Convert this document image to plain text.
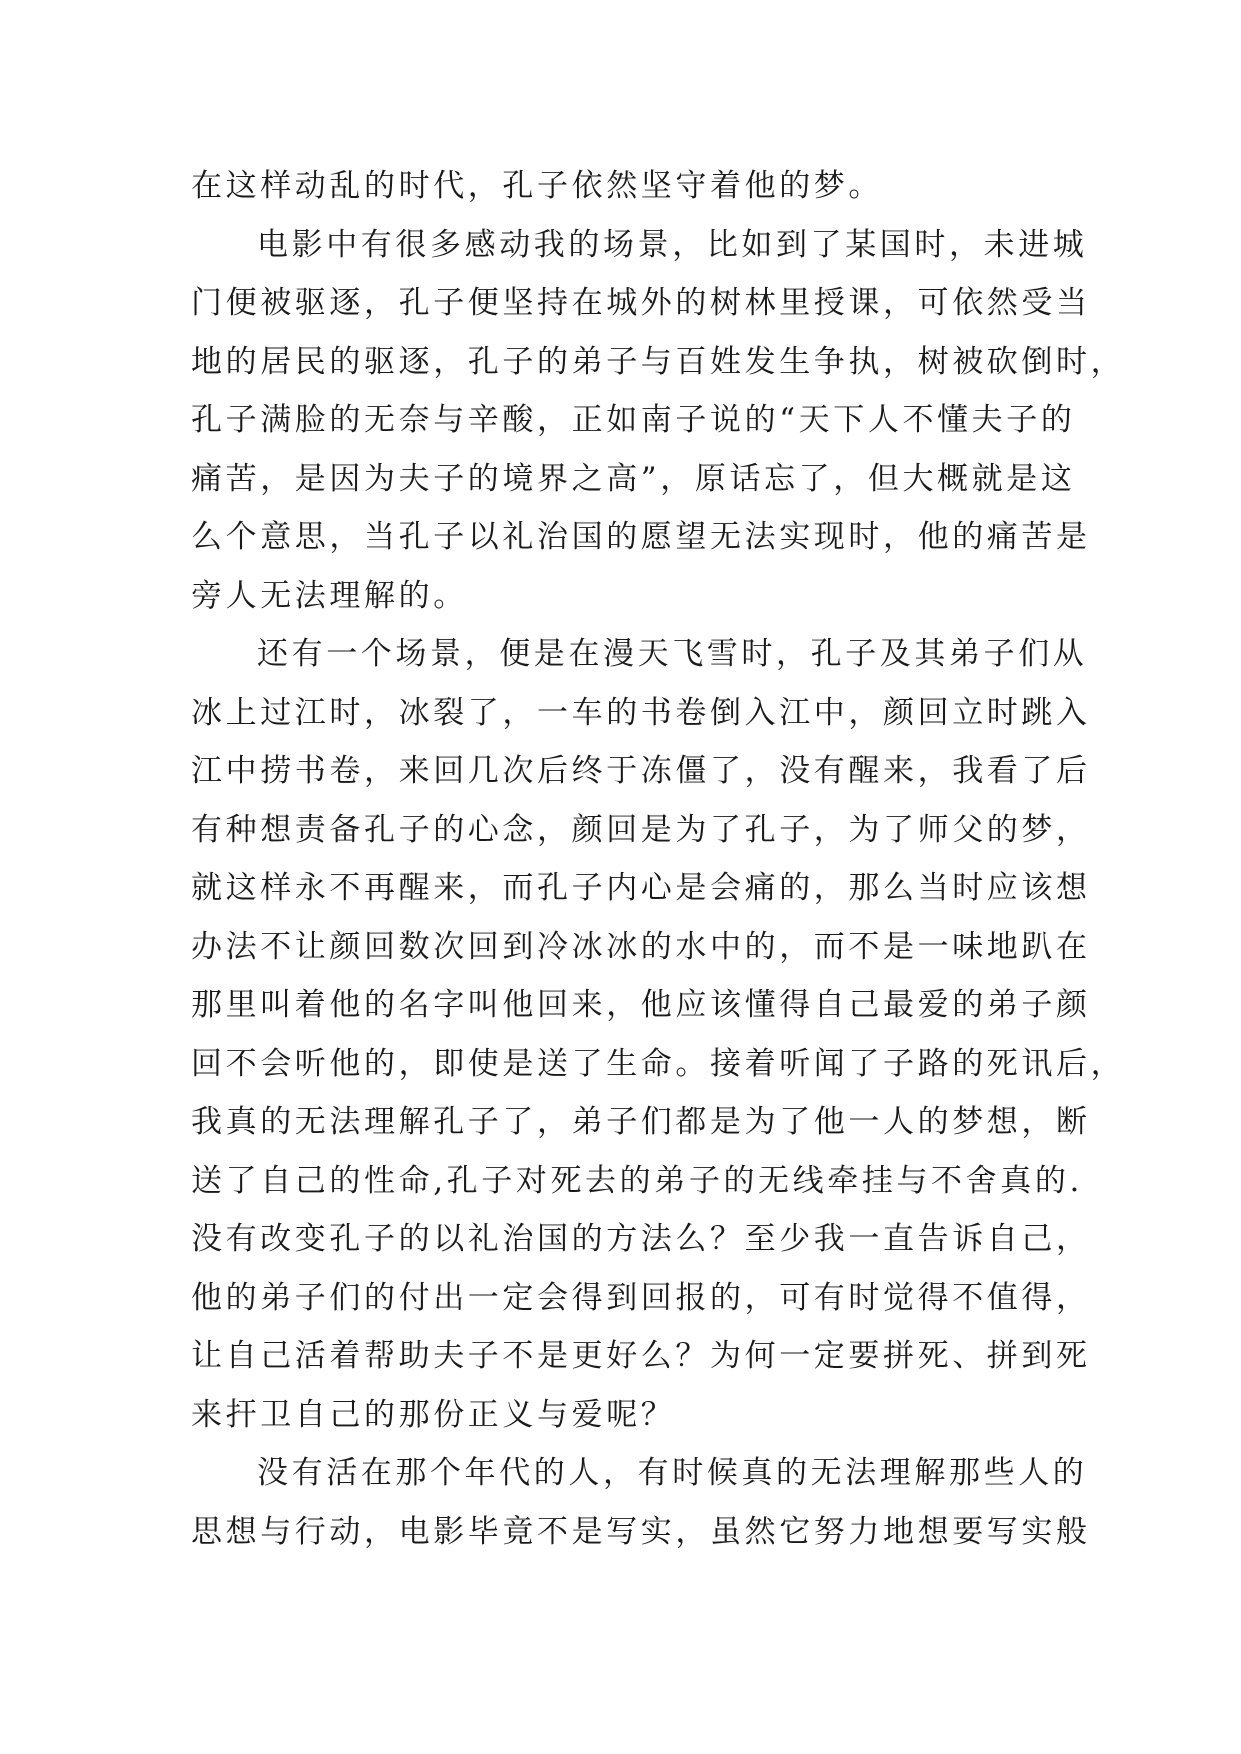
在这样动乱的时代，孔子依然坚守着他的梦。
电影中有很多感动我的场景，比如到了某国时，未进城
门便被驱逐，孔子便坚持在城外的树林里授课，可依然受当
地的居民的驱逐，孔子的弟子与百姓发生争执，树被砍倒时，
孔子满脸的无奈与辛酸，正如南子说的“天下人不懂夫子的
痛苦，是因为夫子的境界之高”，原话忘了，但大概就是这
么个意思，当孔子以礼治国的愿望无法实现时，他的痛苦是
旁人无法理解的。
还有一个场景，便是在漫天飞雪时，孔子及其弟子们从
冰上过江时，冰裂了，一车的书卷倒入江中，颜回立时跳入
江中捞书卷，来回几次后终于冻僵了，没有醒来，我看了后
有种想责备孔子的心念，颜回是为了孔子，为了师父的梦，
就这样永不再醒来，而孔子内心是会痛的，那么当时应该想
办法不让颜回数次回到冷冰冰的水中的，而不是一味地趴在
那里叫着他的名字叫他回来，他应该懂得自己最爱的弟子颜
回不会听他的，即使是送了生命。接着听闻了子路的死讯后，
我真的无法理解孔子了，弟子们都是为了他一人的梦想，断
送了自己的性命,孔子对死去的弟子的无线牵挂与不舍真的.
没有改变孔子的以礼治国的方法么？至少我一直告诉自己，
他的弟子们的付出一定会得到回报的，可有时觉得不值得，
让自己活着帮助夫子不是更好么？为何一定要拼死、拼到死
来扞卫自己的那份正义与爱呢？
没有活在那个年代的人，有时候真的无法理解那些人的
思想与行动，电影毕竟不是写实，虽然它努力地想要写实般
